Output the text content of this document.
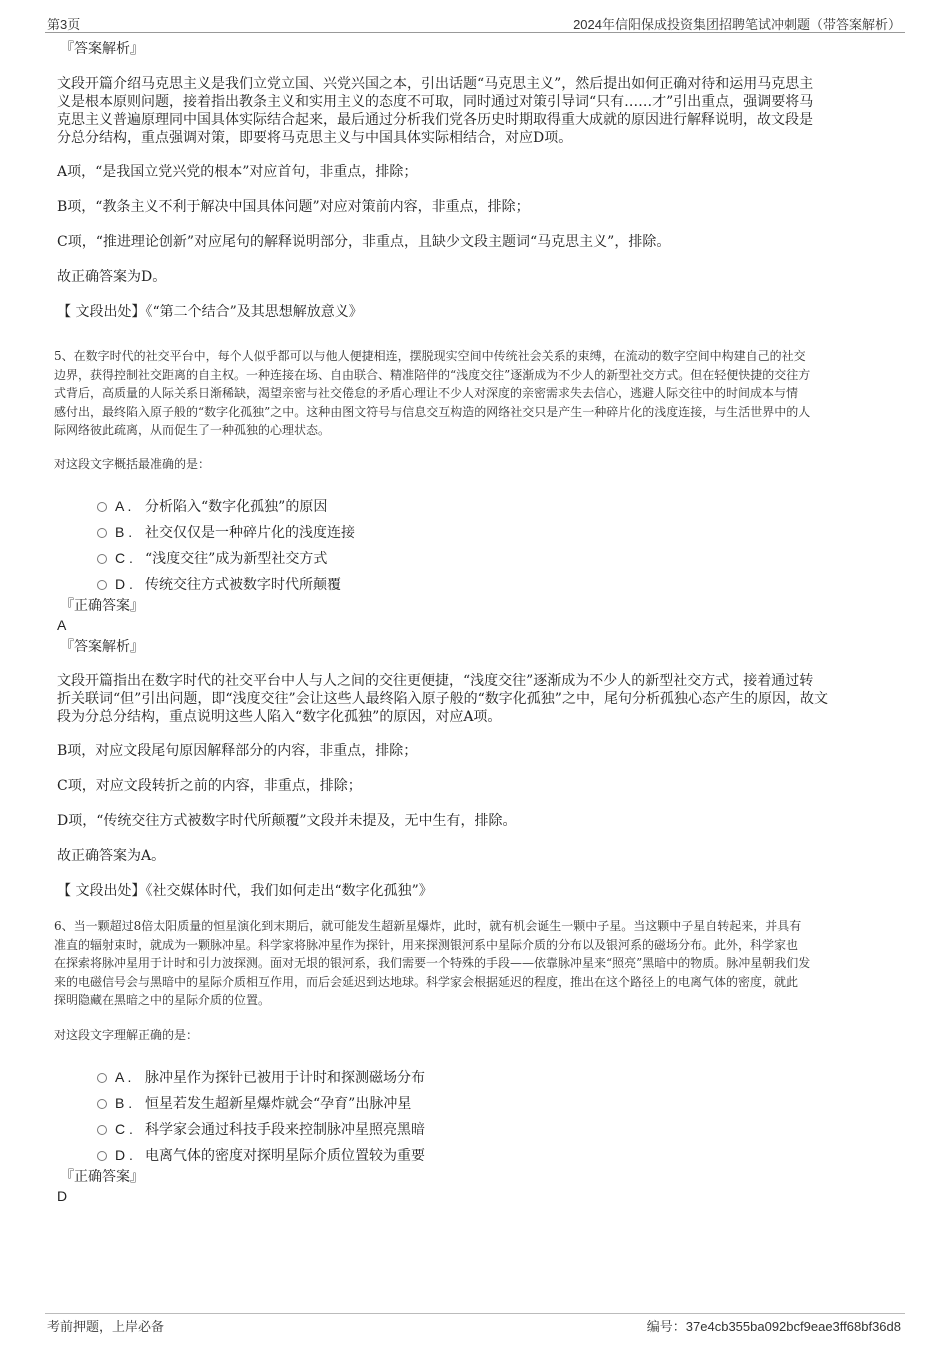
第3页	2024年信阳保成投资集团招聘笔试冲刺题（带答案解析）
『答案解析』
文段开篇介绍马克思主义是我们立党立国、兴党兴国之本，引出话题“马克思主义”，然后提出如何正确对待和运用马克思主
义是根本原则问题，接着指出教条主义和实用主义的态度不可取，同时通过对策引导词“只有……才”引出重点，强调要将马
克思主义普遍原理同中国具体实际结合起来，最后通过分析我们党各历史时期取得重大成就的原因进行解释说明，故文段是
分总分结构，重点强调对策，即要将马克思主义与中国具体实际相结合，对应D项。
A项，“是我国立党兴党的根本”对应首句，非重点，排除；
B项，“教条主义不利于解决中国具体问题”对应对策前内容，非重点，排除；
C项，“推进理论创新”对应尾句的解释说明部分，非重点，且缺少文段主题词“马克思主义”，排除。
故正确答案为D。
【 文段出处】《“第二个结合”及其思想解放意义》
5、在数字时代的社交平台中，每个人似乎都可以与他人便捷相连，摆脱现实空间中传统社会关系的束缚，在流动的数字空间中构建自己的社交
边界，获得控制社交距离的自主权。一种连接在场、自由联合、精准陪伴的“浅度交往”逐渐成为不少人的新型社交方式。但在轻便快捷的交往方
式背后，高质量的人际关系日渐稀缺，渴望亲密与社交倦怠的矛盾心理让不少人对深度的亲密需求失去信心，逃避人际交往中的时间成本与情
感付出，最终陷入原子般的“数字化孤独”之中。这种由图文符号与信息交互构造的网络社交只是产生一种碎片化的浅度连接，与生活世界中的人
际网络彼此疏离，从而促生了一种孤独的心理状态。
对这段文字概括最准确的是：
A . 分析陷入“数字化孤独”的原因
B . 社交仅仅是一种碎片化的浅度连接
C . “浅度交往”成为新型社交方式
D . 传统交往方式被数字时代所颠覆
『正确答案』
A
『答案解析』
文段开篇指出在数字时代的社交平台中人与人之间的交往更便捷，“浅度交往”逐渐成为不少人的新型社交方式，接着通过转
折关联词“但”引出问题，即“浅度交往”会让这些人最终陷入原子般的“数字化孤独”之中，尾句分析孤独心态产生的原因，故文
段为分总分结构，重点说明这些人陷入“数字化孤独”的原因，对应A项。
B项，对应文段尾句原因解释部分的内容，非重点，排除；
C项，对应文段转折之前的内容，非重点，排除；
D项，“传统交往方式被数字时代所颠覆”文段并未提及，无中生有，排除。
故正确答案为A。
【 文段出处】《社交媒体时代，我们如何走出“数字化孤独”》
6、当一颗超过8倍太阳质量的恒星演化到末期后，就可能发生超新星爆炸，此时，就有机会诞生一颗中子星。当这颗中子星自转起来，并具有
准直的辐射束时，就成为一颗脉冲星。科学家将脉冲星作为探针，用来探测银河系中星际介质的分布以及银河系的磁场分布。此外，科学家也
在探索将脉冲星用于计时和引力波探测。面对无垠的银河系，我们需要一个特殊的手段——依靠脉冲星来“照亮”黑暗中的物质。脉冲星朝我们发
来的电磁信号会与黑暗中的星际介质相互作用，而后会延迟到达地球。科学家会根据延迟的程度，推出在这个路径上的电离气体的密度，就此
探明隐藏在黑暗之中的星际介质的位置。
对这段文字理解正确的是：
A . 脉冲星作为探针已被用于计时和探测磁场分布
B . 恒星若发生超新星爆炸就会“孕育”出脉冲星
C . 科学家会通过科技手段来控制脉冲星照亮黑暗
D . 电离气体的密度对探明星际介质位置较为重要
『正确答案』
D
考前押题，上岸必备	编号：37e4cb355ba092bcf9eae3ff68bf36d8
